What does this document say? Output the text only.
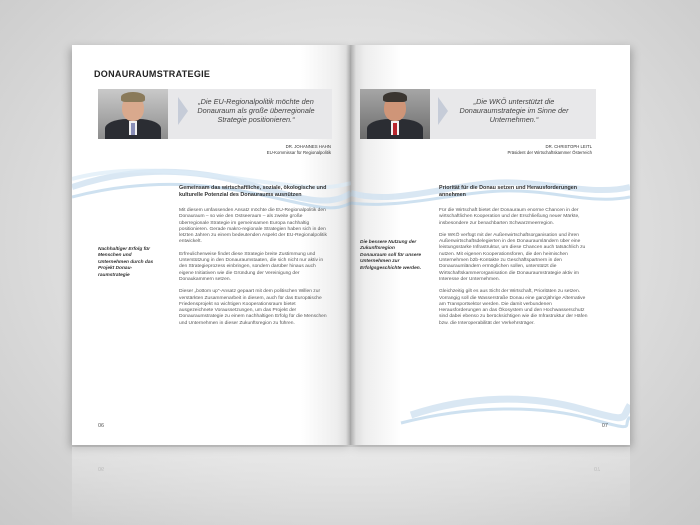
DONAURAUMSTRATEGIE
„Die EU-Regionalpolitik möchte den Donauraum als große überregionale Strategie positionieren.“
DR. JOHANNES HAHN
EU-Kommissar für Regionalpolitik
Gemeinsam das wirtschaftliche, soziale, ökologische und kulturelle Potenzial des Donauraums ausnützen
Nachhaltiger Erfolg für Menschen und Unternehmen durch das Projekt Donau-raumstrategie

Mit diesem umfassenden Ansatz möchte die EU-Regionalpolitik den Donauraum – so wie den Ostseeraum – als zweite große überregionale Strategie im gemeinsamen Europa nachhaltig positionieren. Gerade makro-regionale Strategien haben sich in den letzten Jahren zu einem bedeutenden Aspekt der EU-Regionalpolitik entwickelt.

Erfreulicherweise findet diese Strategie breite Zustimmung und Unterstützung in den Donauraumstaaten, die sich nicht nur aktiv in den Strategieprozess einbringen, sondern darüber hinaus auch eigene Initiativen wie die Gründung der Vereinigung der Donaukammern setzen.

Dieser „bottom up“-Ansatz gepaart mit dem politischen Willen zur verstärkten Zusammenarbeit in diesem, auch für das Europäische Friedensprojekt so wichtigen Kooperationsraum bietet ausgezeichnete Voraussetzungen, um das Projekt der Donauraumstrategie zu einem nachhaltigen Erfolg für die Menschen und Unternehmen in dieser Zukunftsregion zu führen.

06
„Die WKÖ unterstützt die Donauraumstrategie im Sinne der Unternehmen.“
DR. CHRISTOPH LEITL
Präsident der Wirtschaftskammer Österreich
Priorität für die Donau setzen und Herausforderungen annehmen
Die bessere Nutzung der Zukunftsregion Donauraum soll für unsere Unternehmen zur Erfolgsgeschichte werden.

Für die Wirtschaft bietet der Donauraum enorme Chancen in der wirtschaftlichen Kooperation und der Erschließung neuer Märkte, insbesondere zur benachbarten Schwarzmeerregion.

Die WKÖ verfügt mit der Außenwirtschaftsorganisation und ihren Außenwirtschaftsdelegierten in den Donauraumländern über eine leistungsstarke Infrastruktur, um diese Chancen auch tatsächlich zu nutzen. Mit eigenen Kooperationsforen, die den heimischen Unternehmen b2b-Kontakte zu Geschäftspartnern in den Donauraumländern ermöglichen sollen, unterstützt die Wirtschaftskammerorganisation die Donauraumstrategie aktiv im Interesse der Unternehmen.

Gleichzeitig gilt es aus Sicht der Wirtschaft, Prioritäten zu setzen. Vorrangig soll die Wasserstraße Donau eine ganzjährige Alternative am Transportsektor werden. Die damit verbundenen Herausforderungen an das Ökosystem und den Hochwasserschutz sind dabei ebenso zu berücksichtigen wie die Infrastruktur der Häfen bzw. die Interoperabilität der Verkehrsträger.

07
06	07
